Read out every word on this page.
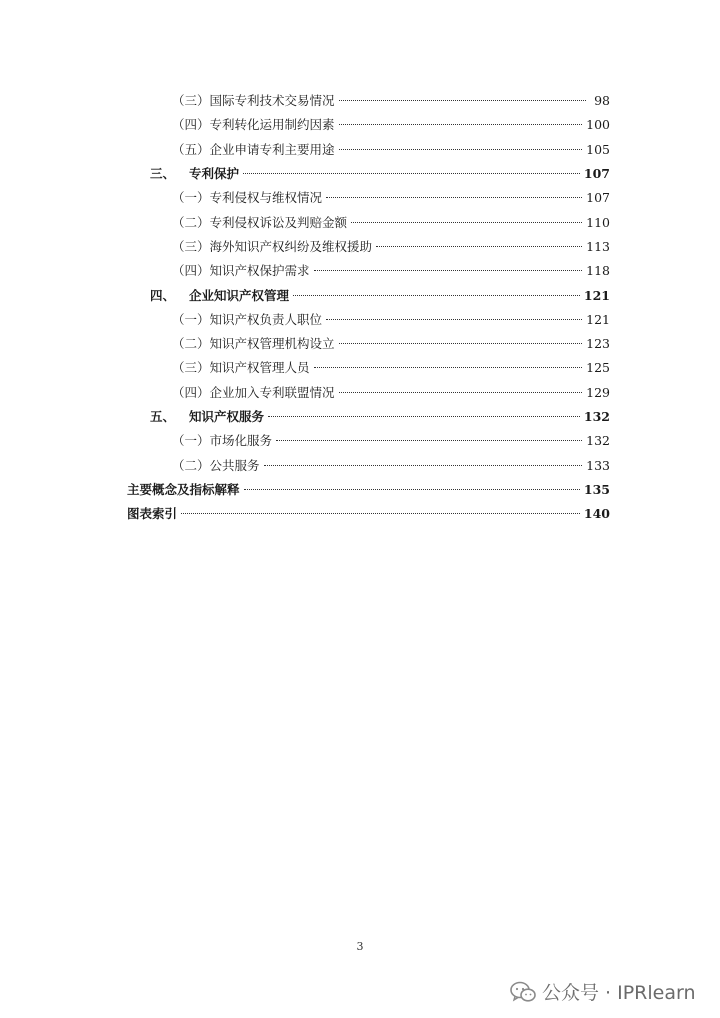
（三） 国际专利技术交易情况	98
（四） 专利转化运用制约因素	100
（五） 企业申请专利主要用途	105
三、 专利保护	107
（一） 专利侵权与维权情况	107
（二） 专利侵权诉讼及判赔金额	110
（三） 海外知识产权纠纷及维权援助	113
（四） 知识产权保护需求	118
四、 企业知识产权管理	121
（一） 知识产权负责人职位	121
（二） 知识产权管理机构设立	123
（三） 知识产权管理人员	125
（四） 企业加入专利联盟情况	129
五、 知识产权服务	132
（一） 市场化服务	132
（二） 公共服务	133
主要概念及指标解释	135
图表索引	140
3
公众号 · IPRlearn
